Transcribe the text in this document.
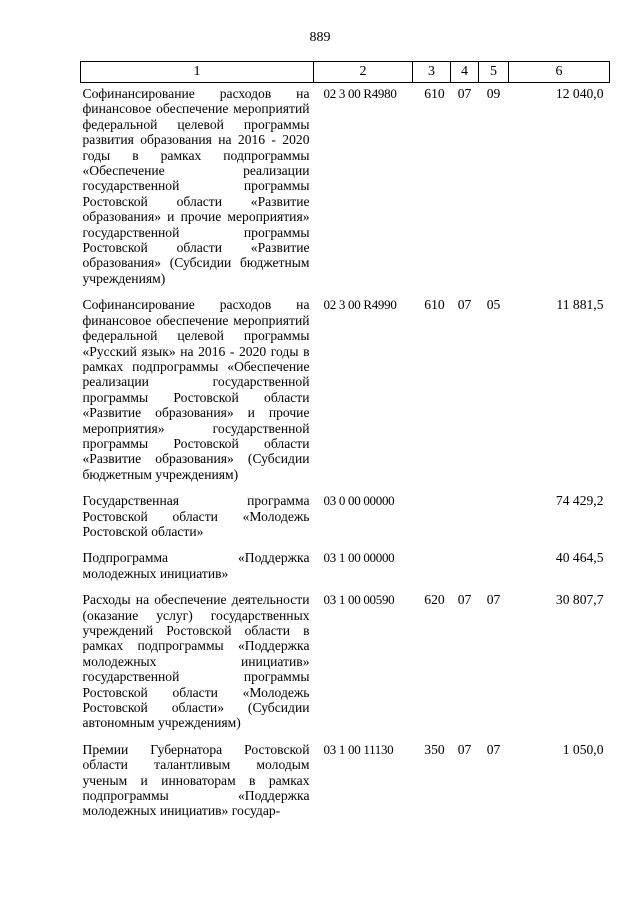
889
1	2	3	4	5	6
Софинансирование расходов на финансовое обеспечение мероприятий федеральной целевой программы развития образования на 2016 - 2020 годы в рамках подпрограммы «Обеспечение реализации государственной программы Ростовской области «Развитие образования» и прочие мероприятия» государственной программы Ростовской области «Развитие образования» (Субсидии бюджетным учреждениям)	02 3 00 R4980	610	07	09	12 040,0
Софинансирование расходов на финансовое обеспечение мероприятий федеральной целевой программы «Русский язык» на 2016 - 2020 годы в рамках подпрограммы «Обеспечение реализации государственной программы Ростовской области «Развитие образования» и прочие мероприятия» государственной программы Ростовской области «Развитие образования» (Субсидии бюджетным учреждениям)	02 3 00 R4990	610	07	05	11 881,5
Государственная программа Ростовской области «Молодежь Ростовской области»	03 0 00 00000				74 429,2
Подпрограмма «Поддержка молодежных инициатив»	03 1 00 00000				40 464,5
Расходы на обеспечение деятельности (оказание услуг) государственных учреждений Ростовской области в рамках подпрограммы «Поддержка молодежных инициатив» государственной программы Ростовской области «Молодежь Ростовской области» (Субсидии автономным учреждениям)	03 1 00 00590	620	07	07	30 807,7
Премии Губернатора Ростовской области талантливым молодым ученым и инноваторам в рамках подпрограммы «Поддержка молодежных инициатив» государ-	03 1 00 11130	350	07	07	1 050,0
